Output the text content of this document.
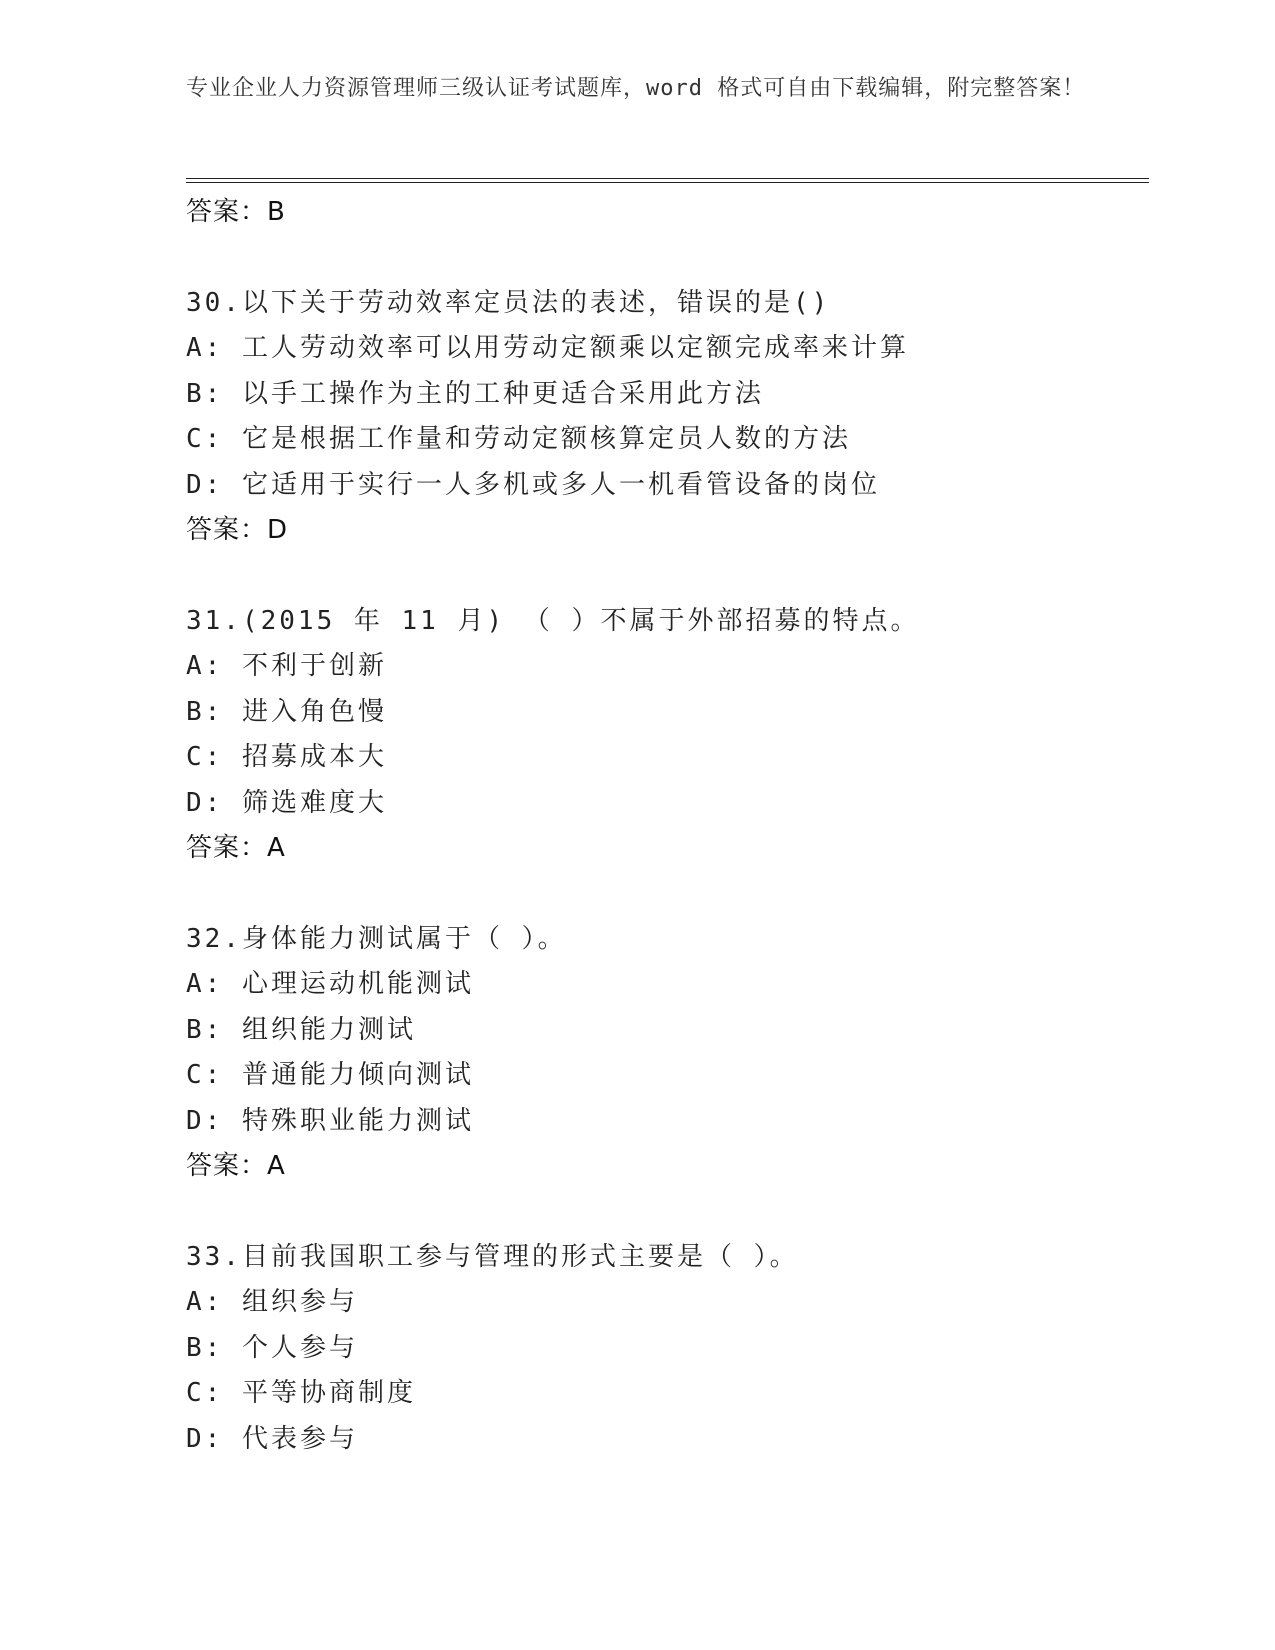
专业企业人力资源管理师三级认证考试题库，word 格式可自由下载编辑，附完整答案！
答案：B
30.以下关于劳动效率定员法的表述，错误的是()
A: 工人劳动效率可以用劳动定额乘以定额完成率来计算
B: 以手工操作为主的工种更适合采用此方法
C: 它是根据工作量和劳动定额核算定员人数的方法
D: 它适用于实行一人多机或多人一机看管设备的岗位
答案：D
31.(2015 年 11 月) （ ）不属于外部招募的特点。
A: 不利于创新
B: 进入角色慢
C: 招募成本大
D: 筛选难度大
答案：A
32.身体能力测试属于（ ）。
A: 心理运动机能测试
B: 组织能力测试
C: 普通能力倾向测试
D: 特殊职业能力测试
答案：A
33.目前我国职工参与管理的形式主要是（ ）。
A: 组织参与
B: 个人参与
C: 平等协商制度
D: 代表参与
